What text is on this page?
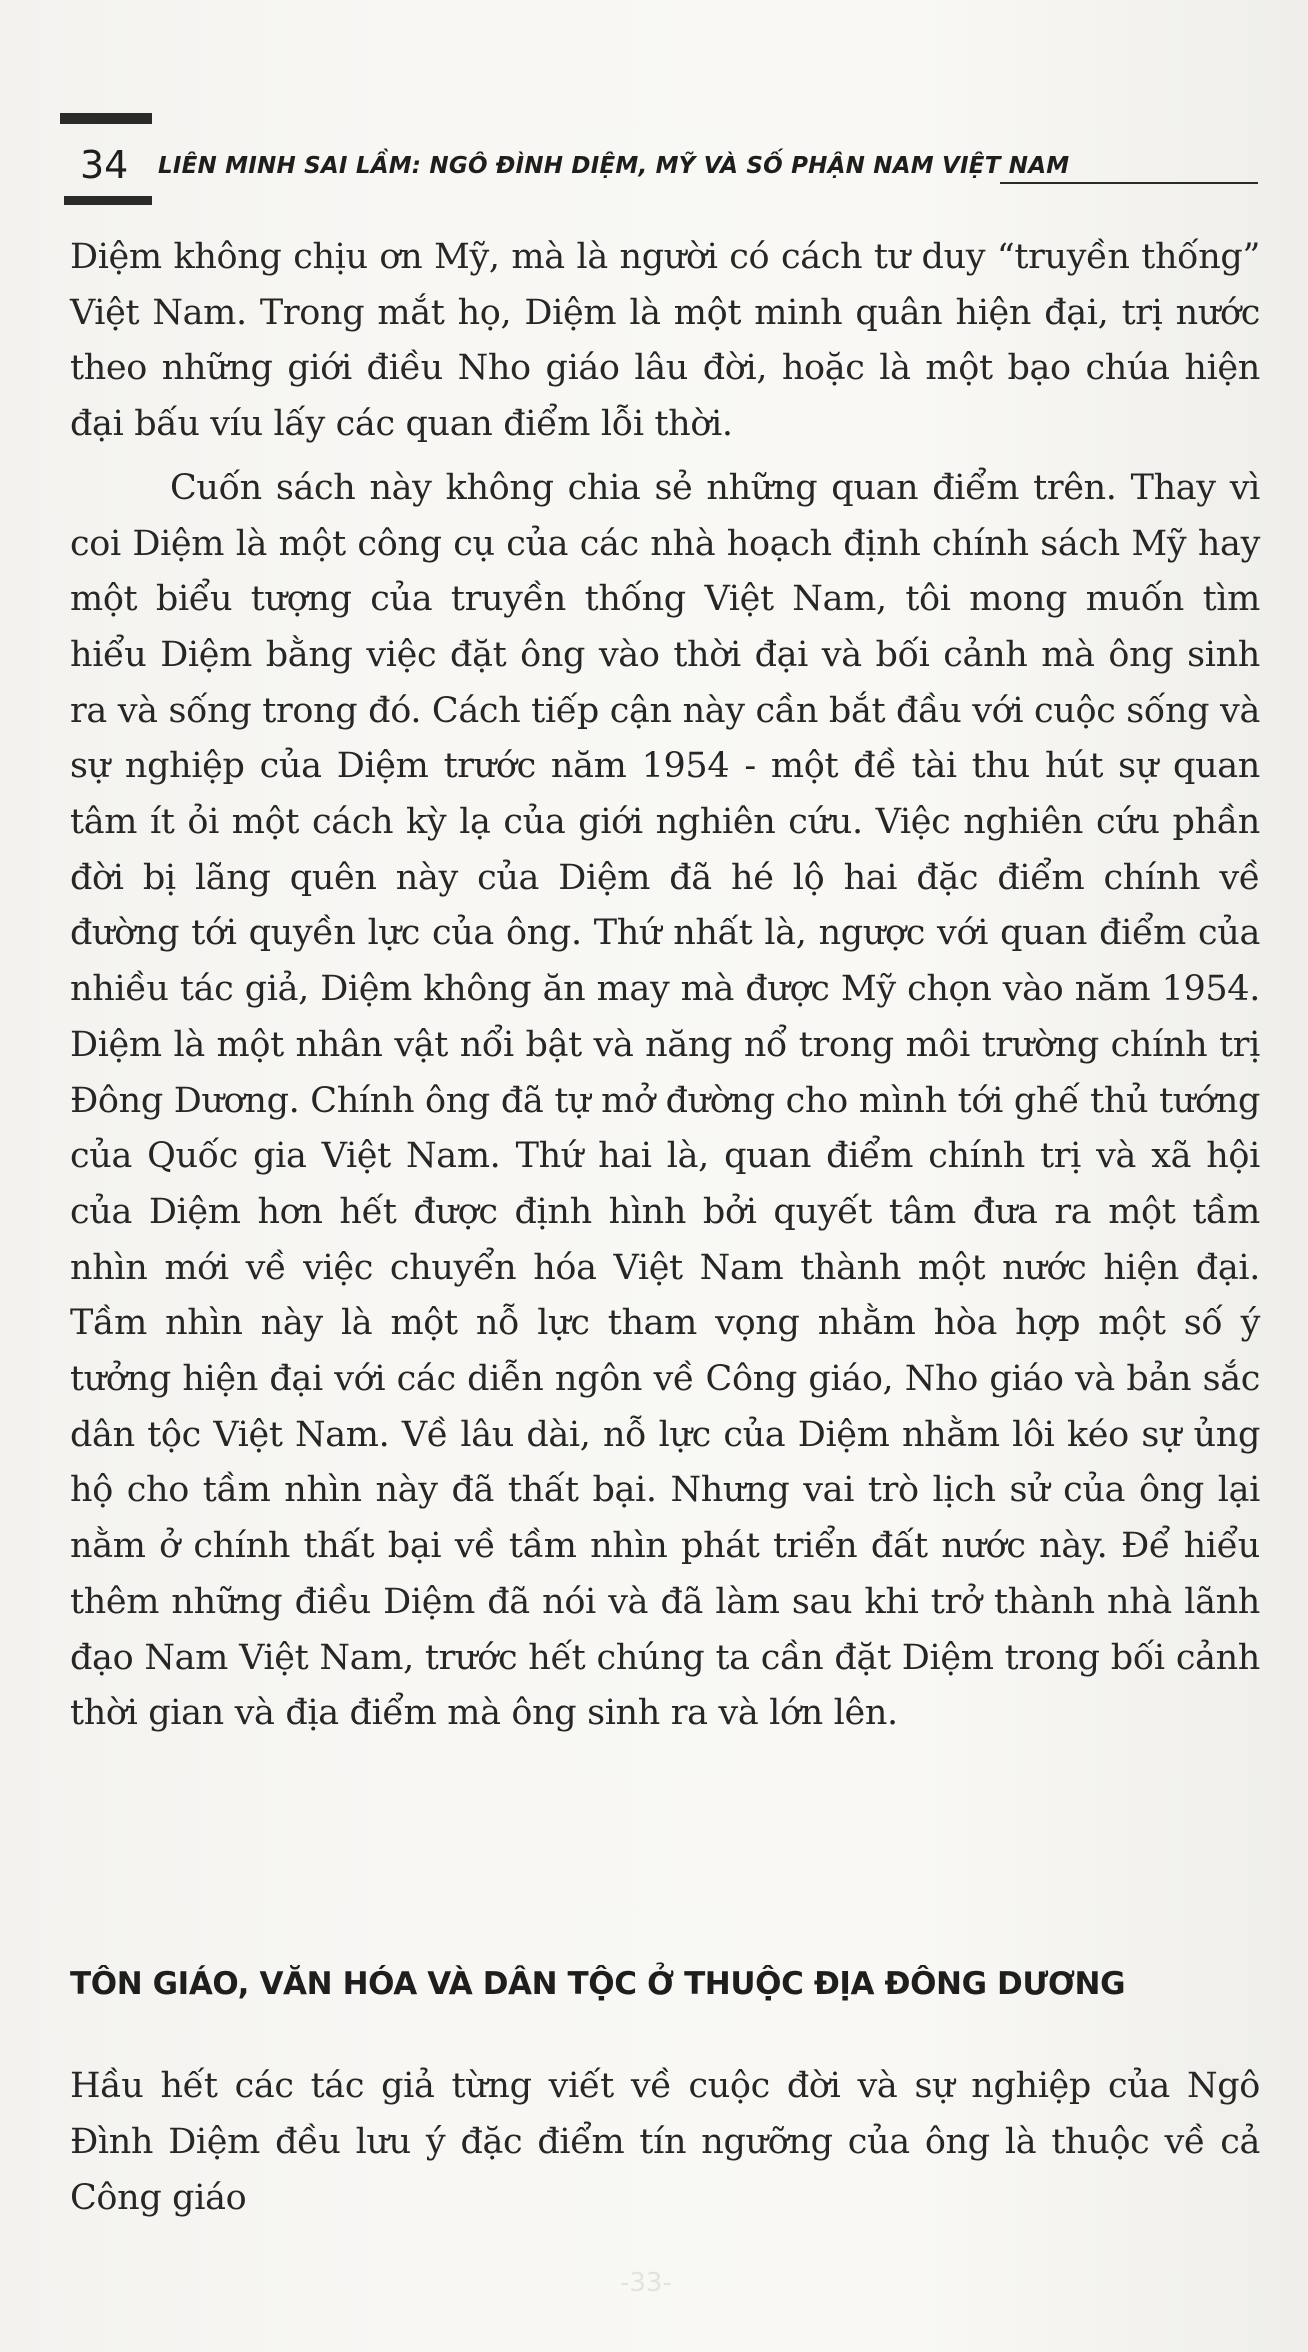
34 LIÊN MINH SAI LẦM: NGÔ ĐÌNH DIỆM, MỸ VÀ SỐ PHẬN NAM VIỆT NAM

Diệm không chịu ơn Mỹ, mà là người có cách tư duy “truyền thống” Việt Nam. Trong mắt họ, Diệm là một minh quân hiện đại, trị nước theo những giới điều Nho giáo lâu đời, hoặc là một bạo chúa hiện đại bấu víu lấy các quan điểm lỗi thời.

Cuốn sách này không chia sẻ những quan điểm trên. Thay vì coi Diệm là một công cụ của các nhà hoạch định chính sách Mỹ hay một biểu tượng của truyền thống Việt Nam, tôi mong muốn tìm hiểu Diệm bằng việc đặt ông vào thời đại và bối cảnh mà ông sinh ra và sống trong đó. Cách tiếp cận này cần bắt đầu với cuộc sống và sự nghiệp của Diệm trước năm 1954 - một đề tài thu hút sự quan tâm ít ỏi một cách kỳ lạ của giới nghiên cứu. Việc nghiên cứu phần đời bị lãng quên này của Diệm đã hé lộ hai đặc điểm chính về đường tới quyền lực của ông. Thứ nhất là, ngược với quan điểm của nhiều tác giả, Diệm không ăn may mà được Mỹ chọn vào năm 1954. Diệm là một nhân vật nổi bật và năng nổ trong môi trường chính trị Đông Dương. Chính ông đã tự mở đường cho mình tới ghế thủ tướng của Quốc gia Việt Nam. Thứ hai là, quan điểm chính trị và xã hội của Diệm hơn hết được định hình bởi quyết tâm đưa ra một tầm nhìn mới về việc chuyển hóa Việt Nam thành một nước hiện đại. Tầm nhìn này là một nỗ lực tham vọng nhằm hòa hợp một số ý tưởng hiện đại với các diễn ngôn về Công giáo, Nho giáo và bản sắc dân tộc Việt Nam. Về lâu dài, nỗ lực của Diệm nhằm lôi kéo sự ủng hộ cho tầm nhìn này đã thất bại. Nhưng vai trò lịch sử của ông lại nằm ở chính thất bại về tầm nhìn phát triển đất nước này. Để hiểu thêm những điều Diệm đã nói và đã làm sau khi trở thành nhà lãnh đạo Nam Việt Nam, trước hết chúng ta cần đặt Diệm trong bối cảnh thời gian và địa điểm mà ông sinh ra và lớn lên.

TÔN GIÁO, VĂN HÓA VÀ DÂN TỘC Ở THUỘC ĐỊA ĐÔNG DƯƠNG

Hầu hết các tác giả từng viết về cuộc đời và sự nghiệp của Ngô Đình Diệm đều lưu ý đặc điểm tín ngưỡng của ông là thuộc về cả Công giáo

-33-
